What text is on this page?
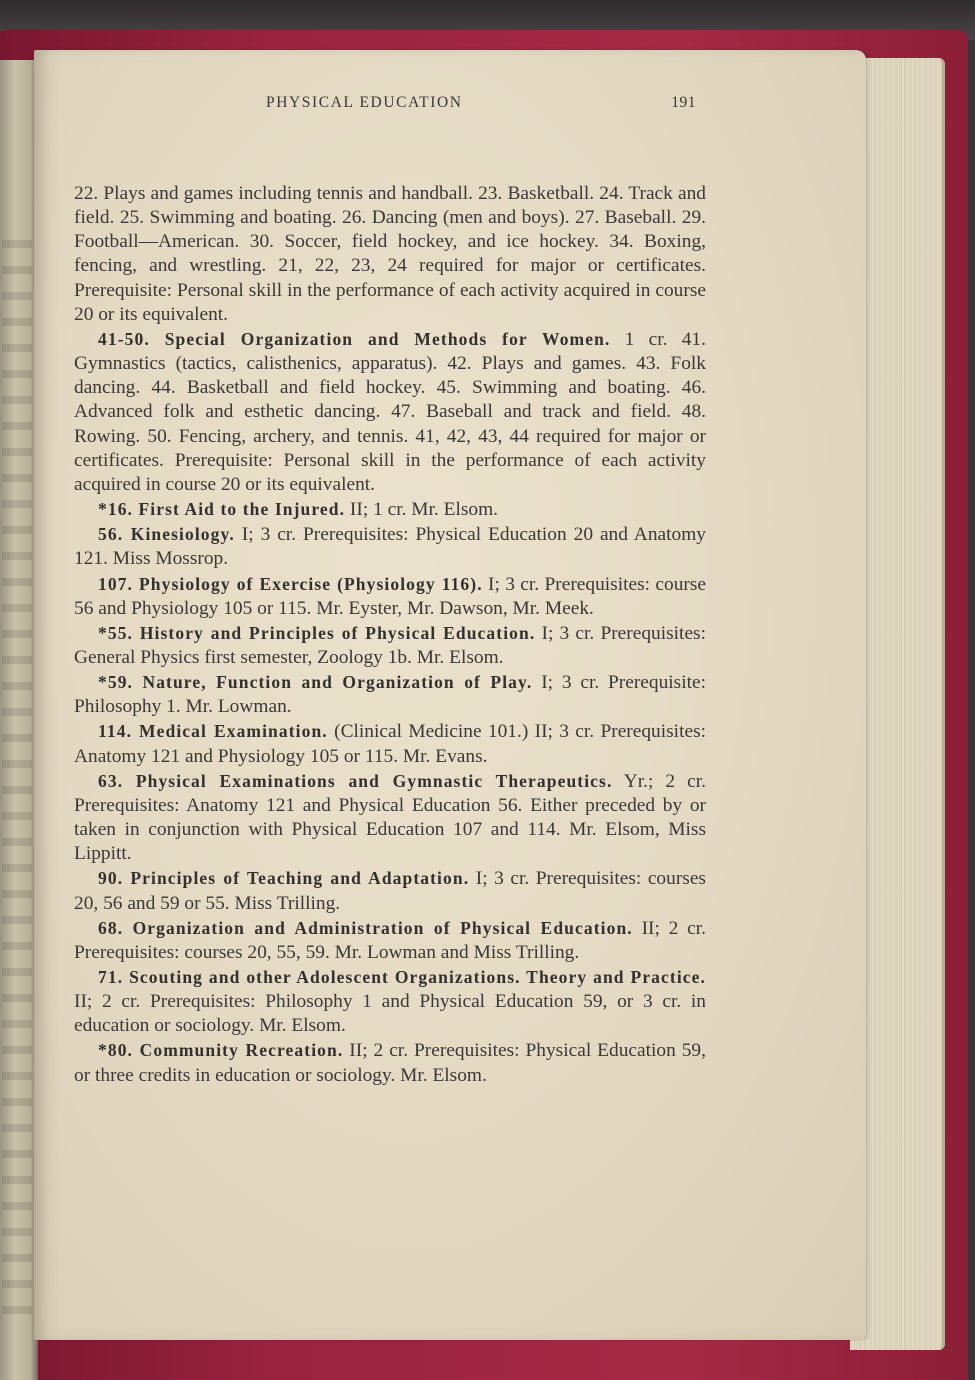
PHYSICAL EDUCATION	191

22. Plays and games including tennis and handball. 23. Basketball. 24. Track and field. 25. Swimming and boating. 26. Dancing (men and boys). 27. Baseball. 29. Football—American. 30. Soccer, field hockey, and ice hockey. 34. Boxing, fencing, and wrestling. 21, 22, 23, 24 required for major or certificates. Prerequisite: Personal skill in the performance of each activity acquired in course 20 or its equivalent.

41-50. Special Organization and Methods for Women. 1 cr. 41. Gymnastics (tactics, calisthenics, apparatus). 42. Plays and games. 43. Folk dancing. 44. Basketball and field hockey. 45. Swimming and boating. 46. Advanced folk and esthetic dancing. 47. Baseball and track and field. 48. Rowing. 50. Fencing, archery, and tennis. 41, 42, 43, 44 required for major or certificates. Prerequisite: Personal skill in the performance of each activity acquired in course 20 or its equivalent.

*16. First Aid to the Injured. II; 1 cr. Mr. Elsom.

56. Kinesiology. I; 3 cr. Prerequisites: Physical Education 20 and Anatomy 121. Miss Mossrop.

107. Physiology of Exercise (Physiology 116). I; 3 cr. Prerequisites: course 56 and Physiology 105 or 115. Mr. Eyster, Mr. Dawson, Mr. Meek.

*55. History and Principles of Physical Education. I; 3 cr. Prerequisites: General Physics first semester, Zoology 1b. Mr. Elsom.

*59. Nature, Function and Organization of Play. I; 3 cr. Prerequisite: Philosophy 1. Mr. Lowman.

114. Medical Examination. (Clinical Medicine 101.) II; 3 cr. Prerequisites: Anatomy 121 and Physiology 105 or 115. Mr. Evans.

63. Physical Examinations and Gymnastic Therapeutics. Yr.; 2 cr. Prerequisites: Anatomy 121 and Physical Education 56. Either preceded by or taken in conjunction with Physical Education 107 and 114. Mr. Elsom, Miss Lippitt.

90. Principles of Teaching and Adaptation. I; 3 cr. Prerequisites: courses 20, 56 and 59 or 55. Miss Trilling.

68. Organization and Administration of Physical Education. II; 2 cr. Prerequisites: courses 20, 55, 59. Mr. Lowman and Miss Trilling.

71. Scouting and other Adolescent Organizations. Theory and Practice. II; 2 cr. Prerequisites: Philosophy 1 and Physical Education 59, or 3 cr. in education or sociology. Mr. Elsom.

*80. Community Recreation. II; 2 cr. Prerequisites: Physical Education 59, or three credits in education or sociology. Mr. Elsom.
